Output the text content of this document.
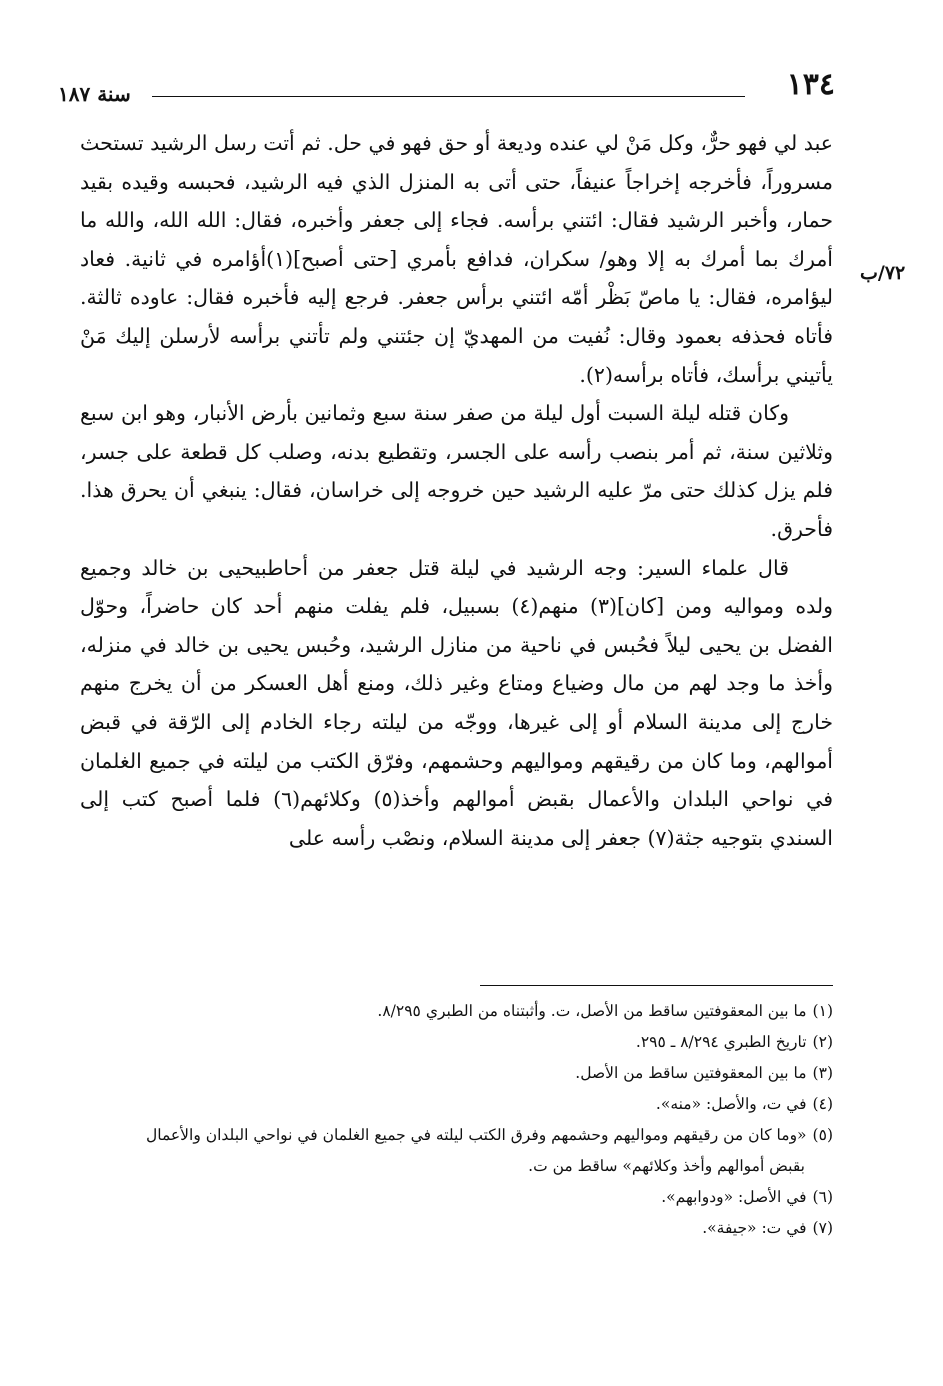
١٣٤
سنة ١٨٧
٧٢/ب

عبد لي فهو حرٌّ، وكل مَنْ لي عنده وديعة أو حق فهو في حل. ثم أتت رسل الرشيد تستحث مسروراً، فأخرجه إخراجاً عنيفاً، حتى أتى به المنزل الذي فيه الرشيد، فحبسه وقيده بقيد حمار، وأخبر الرشيد فقال: ائتني برأسه. فجاء إلى جعفر وأخبره، فقال: الله الله، والله ما أمرك بما أمرك به إلا وهو/ سكران، فدافع بأمري [حتى أصبح](١)أؤامره في ثانية. فعاد ليؤامره، فقال: يا ماصّ بَظْر أمّه ائتني برأس جعفر. فرجع إليه فأخبره فقال: عاوده ثالثة. فأتاه فحذفه بعمود وقال: نُفيت من المهديّ إن جئتني ولم تأتني برأسه لأرسلن إليك مَنْ يأتيني برأسك، فأتاه برأسه(٢).

وكان قتله ليلة السبت أول ليلة من صفر سنة سبع وثمانين بأرض الأنبار، وهو ابن سبع وثلاثين سنة، ثم أمر بنصب رأسه على الجسر، وتقطيع بدنه، وصلب كل قطعة على جسر، فلم يزل كذلك حتى مرّ عليه الرشيد حين خروجه إلى خراسان، فقال: ينبغي أن يحرق هذا. فأحرق.

قال علماء السير: وجه الرشيد في ليلة قتل جعفر من أحاطبيحيى بن خالد وجميع ولده ومواليه ومن [كان](٣) منهم(٤) بسبيل، فلم يفلت منهم أحد كان حاضراً، وحوّل الفضل بن يحيى ليلاً فحُبس في ناحية من منازل الرشيد، وحُبس يحيى بن خالد في منزله، وأخذ ما وجد لهم من مال وضياع ومتاع وغير ذلك، ومنع أهل العسكر من أن يخرج منهم خارج إلى مدينة السلام أو إلى غيرها، ووجّه من ليلته رجاء الخادم إلى الرّقة في قبض أموالهم، وما كان من رقيقهم ومواليهم وحشمهم، وفرّق الكتب من ليلته في جميع الغلمان في نواحي البلدان والأعمال بقبض أموالهم وأخذ(٥) وكلائهم(٦) فلما أصبح كتب إلى السندي بتوجيه جثة(٧) جعفر إلى مدينة السلام، ونصْب رأسه على

(١)ما بين المعقوفتين ساقط من الأصل، ت. وأثبتناه من الطبري ٨/٢٩٥.

(٢)تاريخ الطبري ٨/٢٩٤ ـ ٢٩٥.

(٣)ما بين المعقوفتين ساقط من الأصل.

(٤)في ت، والأصل: «منه».

(٥)«وما كان من رقيقهم ومواليهم وحشمهم وفرق الكتب ليلته في جميع الغلمان في نواحي البلدان والأعمال

بقبض أموالهم وأخذ وكلائهم» ساقط من ت.

(٦)في الأصل: «ودوابهم».

(٧)في ت: «جيفة».
